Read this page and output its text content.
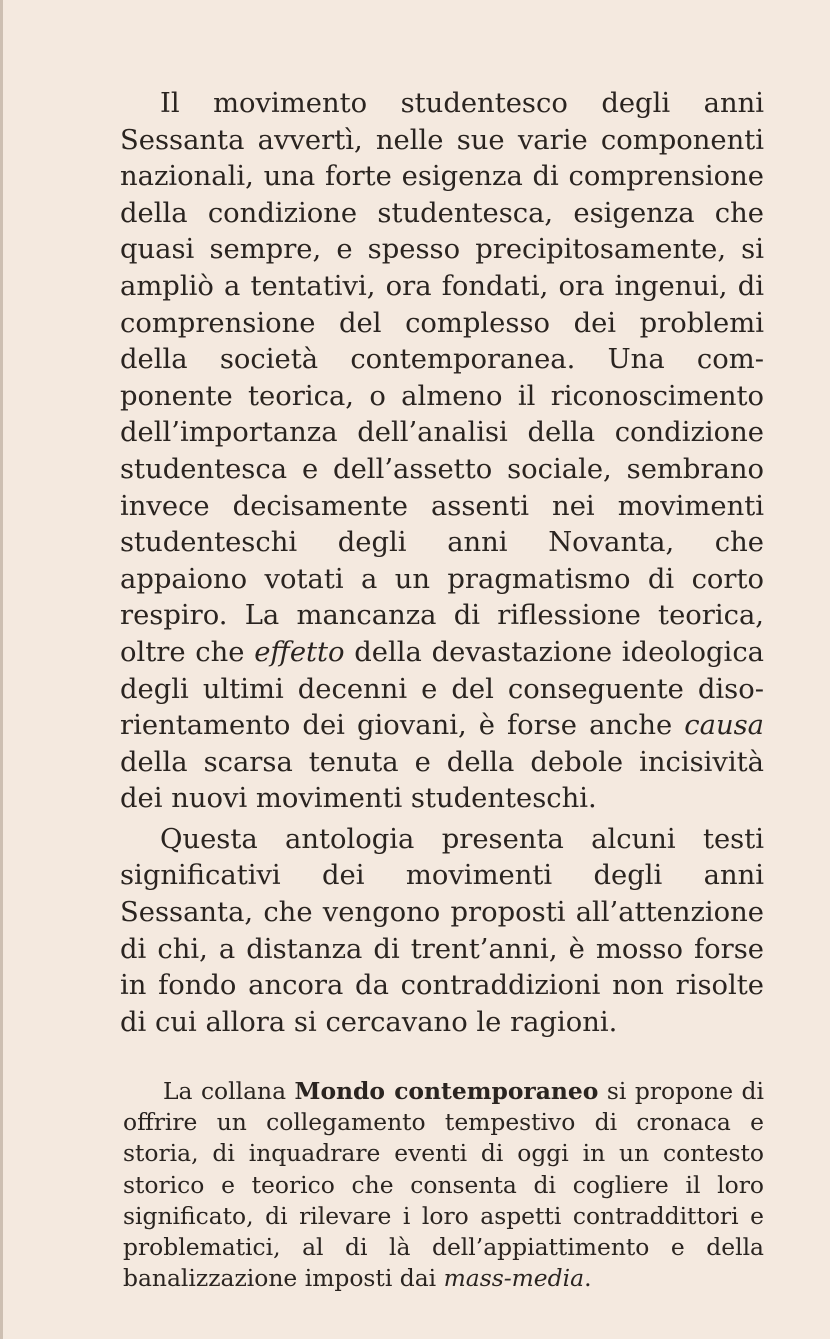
Il movimento studentesco degli anni Sessanta avvertì, nelle sue varie componenti nazionali, una forte esigenza di comprensione della condizione studentesca, esigenza che quasi sempre, e spesso precipitosamente, si ampliò a tentativi, ora fondati, ora ingenui, di comprensione del complesso dei problemi della società contemporanea. Una componente teorica, o almeno il riconoscimento dell’importanza dell’analisi della condizione studentesca e dell’assetto sociale, sembrano invece decisamente assenti nei movimenti studenteschi degli anni Novanta, che appaiono votati a un pragmatismo di corto respiro. La mancanza di riflessione teorica, oltre che effetto della devastazione ideologica degli ultimi decenni e del conseguente disorientamento dei giovani, è forse anche causa della scarsa tenuta e della debole incisività dei nuovi movimenti studenteschi.

Questa antologia presenta alcuni testi significativi dei movimenti degli anni Sessanta, che vengono proposti all’attenzione di chi, a distanza di trent’anni, è mosso forse in fondo ancora da contraddizioni non risolte di cui allora si cercavano le ragioni.

La collana Mondo contemporaneo si propone di offrire un collegamento tempestivo di cronaca e storia, di inquadrare eventi di oggi in un contesto storico e teorico che consenta di cogliere il loro significato, di rilevare i loro aspetti contraddittori e problematici, al di là dell’appiattimento e della banalizzazione imposti dai mass-media.
